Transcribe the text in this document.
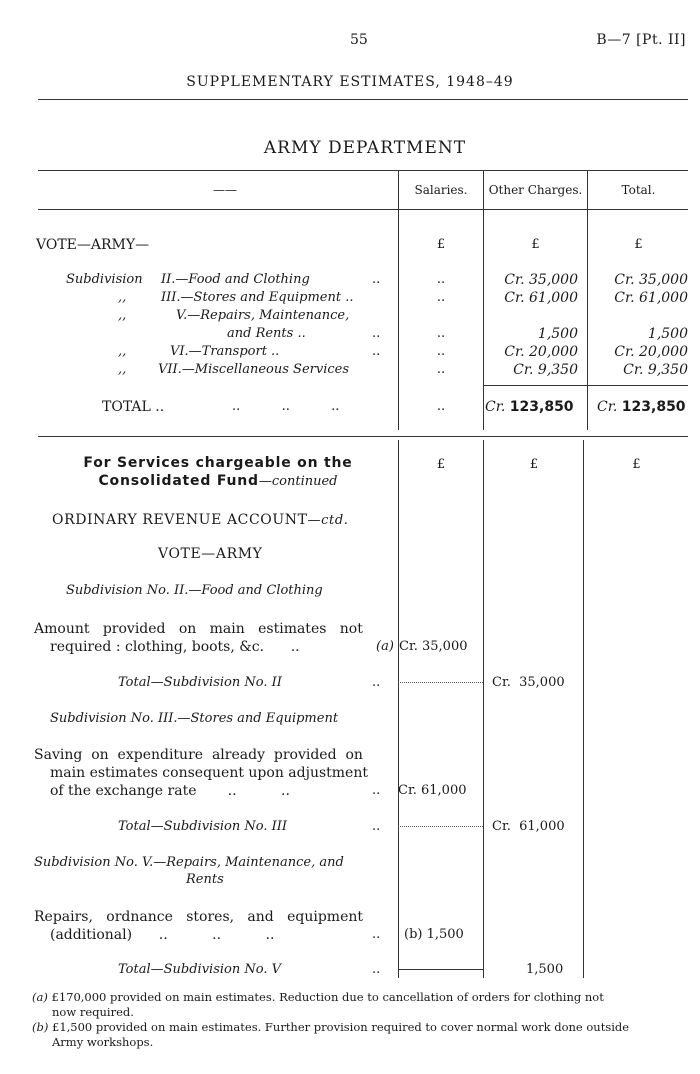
55	B—7 [Pt. II]
SUPPLEMENTARY ESTIMATES, 1948–49
ARMY DEPARTMENT
——	Salaries.	Other Charges.	Total.
VOTE—ARMY—	£	£	£
Subdivision II.—Food and Clothing	..	..	Cr. 35,000	Cr. 35,000
,,	III.—Stores and Equipment ..	..	Cr. 61,000	Cr. 61,000
,,	V.—Repairs, Maintenance,
and Rents ..	..	..	1,500	1,500
,,	VI.—Transport ..	..	..	Cr. 20,000	Cr. 20,000
,, VII.—Miscellaneous Services	..	Cr. 9,350	Cr. 9,350
TOTAL ..	..          ..          ..	..	Cr. 123,850 Cr. 123,850
For Services chargeable on the
Consolidated Fund—continued
£	£	£
ORDINARY REVENUE ACCOUNT—ctd.
VOTE—ARMY
Subdivision No. II.—Food and Clothing
Amount   provided   on   main   estimates   not
required : clothing, boots, &c.      ..	(a) Cr. 35,000
Total—Subdivision No. II	..	Cr.  35,000
Subdivision No. III.—Stores and Equipment
Saving  on  expenditure  already  provided  on
main estimates consequent upon adjustment
of the exchange rate       ..          ..	.. Cr. 61,000
Total—Subdivision No. III	..	Cr.  61,000
Subdivision No. V.—Repairs, Maintenance, and
Rents
Repairs,   ordnance   stores,   and   equipment
(additional)      ..          ..          ..	.. (b) 1,500
Total—Subdivision No. V	..	1,500
(a) £170,000 provided on main estimates. Reduction due to cancellation of orders for clothing not
now required.
(b) £1,500 provided on main estimates. Further provision required to cover normal work done outside
Army workshops.
